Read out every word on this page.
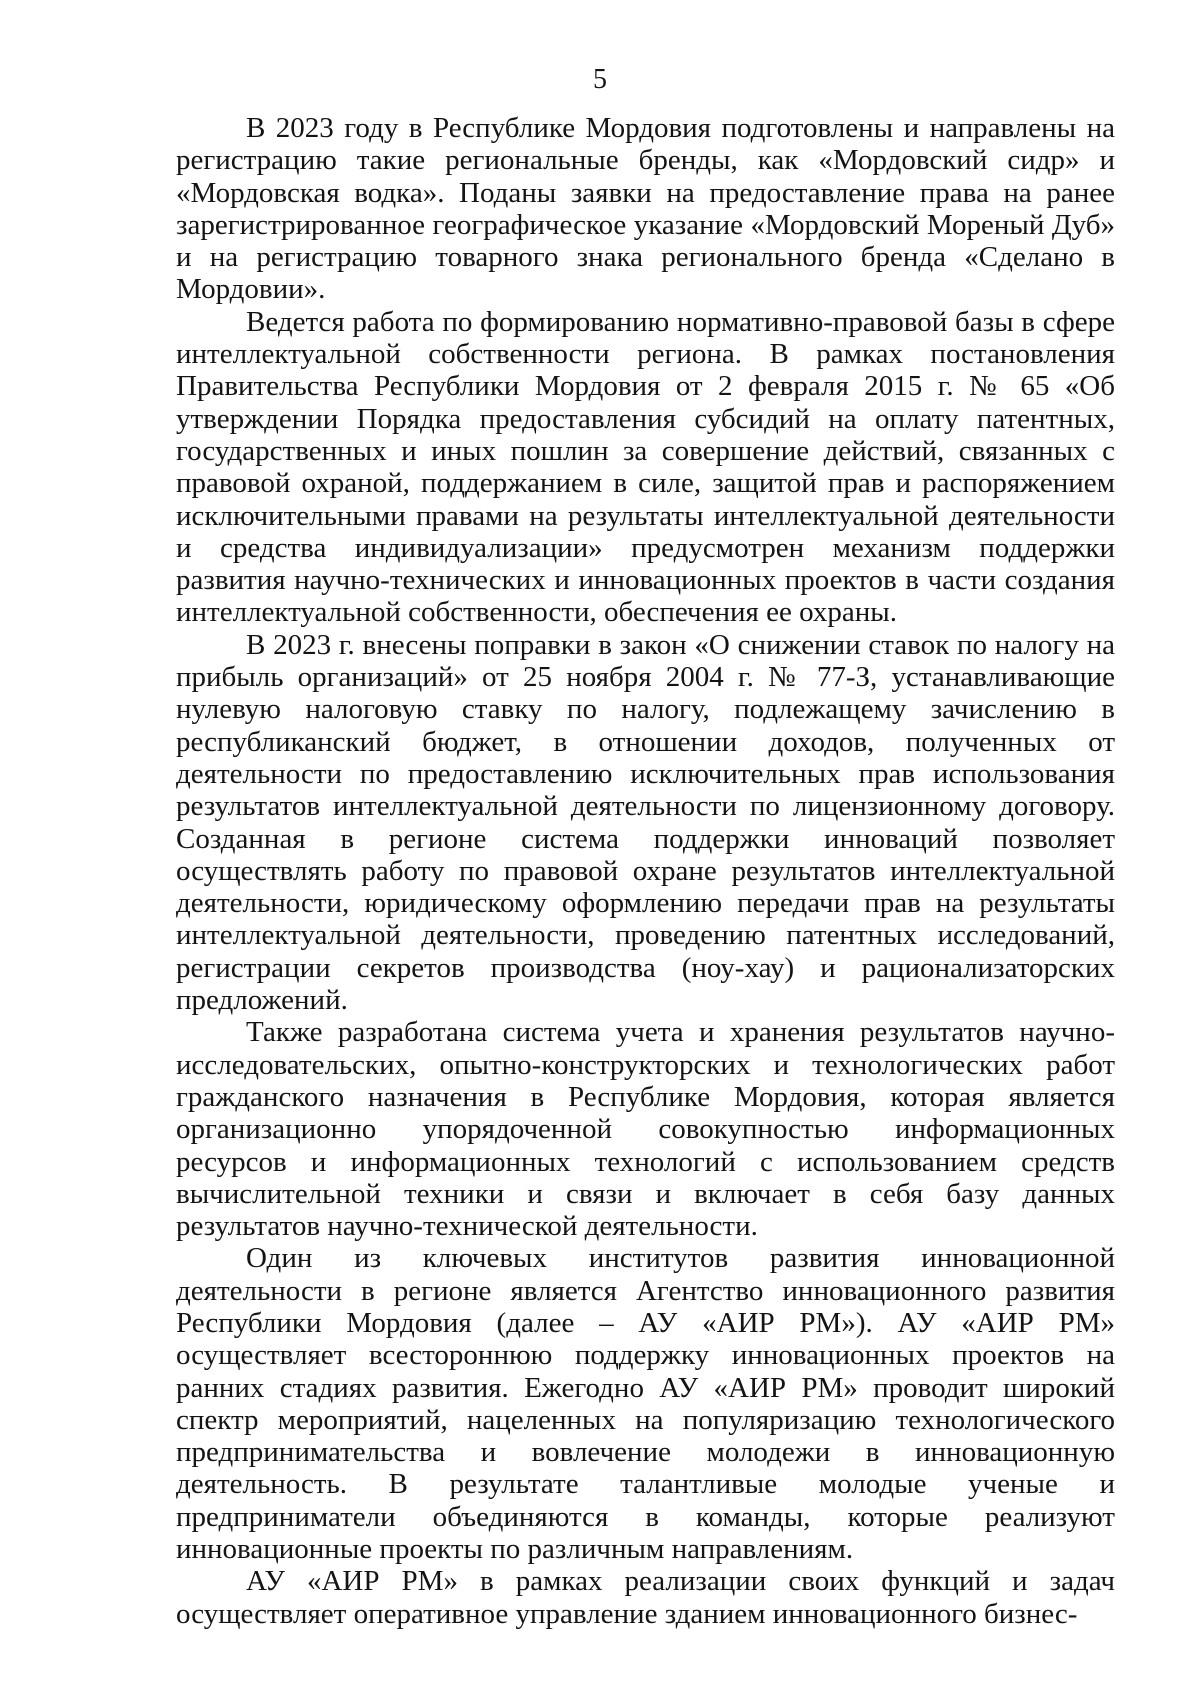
5

В 2023 году в Республике Мордовия подготовлены и направлены на регистрацию такие региональные бренды, как «Мордовский сидр» и «Мордовская водка». Поданы заявки на предоставление права на ранее зарегистрированное географическое указание «Мордовский Мореный Дуб» и на регистрацию товарного знака регионального бренда «Сделано в Мордовии».

Ведется работа по формированию нормативно-правовой базы в сфере интеллектуальной собственности региона. В рамках постановления Правительства Республики Мордовия от 2 февраля 2015 г. № 65 «Об утверждении Порядка предоставления субсидий на оплату патентных, государственных и иных пошлин за совершение действий, связанных с правовой охраной, поддержанием в силе, защитой прав и распоряжением исключительными правами на результаты интеллектуальной деятельности и средства индивидуализации» предусмотрен механизм поддержки развития научно-технических и инновационных проектов в части создания интеллектуальной собственности, обеспечения ее охраны.

В 2023 г. внесены поправки в закон «О снижении ставок по налогу на прибыль организаций» от 25 ноября 2004 г. № 77-З, устанавливающие нулевую налоговую ставку по налогу, подлежащему зачислению в республиканский бюджет, в отношении доходов, полученных от деятельности по предоставлению исключительных прав использования результатов интеллектуальной деятельности по лицензионному договору. Созданная в регионе система поддержки инноваций позволяет осуществлять работу по правовой охране результатов интеллектуальной деятельности, юридическому оформлению передачи прав на результаты интеллектуальной деятельности, проведению патентных исследований, регистрации секретов производства (ноу-хау) и рационализаторских предложений.

Также разработана система учета и хранения результатов научно-исследовательских, опытно-конструкторских и технологических работ гражданского назначения в Республике Мордовия, которая является организационно упорядоченной совокупностью информационных ресурсов и информационных технологий с использованием средств вычислительной техники и связи и включает в себя базу данных результатов научно-технической деятельности.

Один из ключевых институтов развития инновационной деятельности в регионе является Агентство инновационного развития Республики Мордовия (далее – АУ «АИР РМ»). АУ «АИР РМ» осуществляет всестороннюю поддержку инновационных проектов на ранних стадиях развития. Ежегодно АУ «АИР РМ» проводит широкий спектр мероприятий, нацеленных на популяризацию технологического предпринимательства и вовлечение молодежи в инновационную деятельность. В результате талантливые молодые ученые и предприниматели объединяются в команды, которые реализуют инновационные проекты по различным направлениям.

АУ «АИР РМ» в рамках реализации своих функций и задач осуществляет оперативное управление зданием инновационного бизнес-
